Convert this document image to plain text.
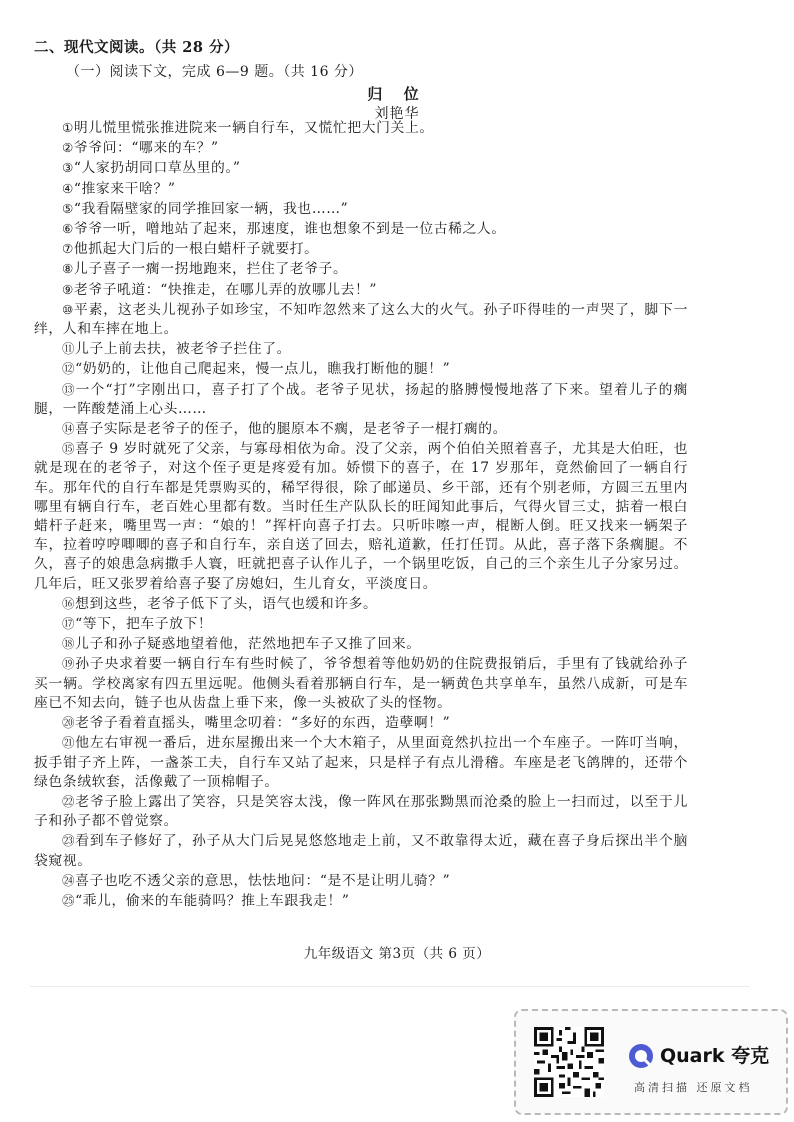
二、现代文阅读。（共 28 分）
（一）阅读下文，完成 6—9 题。（共 16 分）
归 位
刘艳华

①明儿慌里慌张推进院来一辆自行车，又慌忙把大门关上。

②爷爷问：“哪来的车？”

③“人家扔胡同口草丛里的。”

④“推家来干啥？”

⑤“我看隔壁家的同学推回家一辆，我也……”

⑥爷爷一听，噌地站了起来，那速度，谁也想象不到是一位古稀之人。

⑦他抓起大门后的一根白蜡杆子就要打。

⑧儿子喜子一瘸一拐地跑来，拦住了老爷子。

⑨老爷子吼道：“快推走，在哪儿弄的放哪儿去！”

⑩平素，这老头儿视孙子如珍宝，不知咋忽然来了这么大的火气。孙子吓得哇的一声哭了，脚下一绊，人和车摔在地上。

⑪儿子上前去扶，被老爷子拦住了。

⑫“奶奶的，让他自己爬起来，慢一点儿，瞧我打断他的腿！”

⑬一个“打”字刚出口，喜子打了个战。老爷子见状，扬起的胳膊慢慢地落了下来。望着儿子的瘸腿，一阵酸楚涌上心头……

⑭喜子实际是老爷子的侄子，他的腿原本不瘸，是老爷子一棍打瘸的。

⑮喜子 9 岁时就死了父亲，与寡母相依为命。没了父亲，两个伯伯关照着喜子，尤其是大伯旺，也就是现在的老爷子，对这个侄子更是疼爱有加。娇惯下的喜子，在 17 岁那年，竟然偷回了一辆自行车。那年代的自行车都是凭票购买的，稀罕得很，除了邮递员、乡干部，还有个别老师，方圆三五里内哪里有辆自行车，老百姓心里都有数。当时任生产队队长的旺闻知此事后，气得火冒三丈，掂着一根白蜡杆子赶来，嘴里骂一声：“娘的！”挥杆向喜子打去。只听咔嚓一声，棍断人倒。旺又找来一辆架子车，拉着哼哼唧唧的喜子和自行车，亲自送了回去，赔礼道歉，任打任罚。从此，喜子落下条瘸腿。不久，喜子的娘患急病撒手人寰，旺就把喜子认作儿子，一个锅里吃饭，自己的三个亲生儿子分家另过。几年后，旺又张罗着给喜子娶了房媳妇，生儿育女，平淡度日。

⑯想到这些，老爷子低下了头，语气也缓和许多。

⑰“等下，把车子放下！

⑱儿子和孙子疑惑地望着他，茫然地把车子又推了回来。

⑲孙子央求着要一辆自行车有些时候了，爷爷想着等他奶奶的住院费报销后，手里有了钱就给孙子买一辆。学校离家有四五里远呢。他侧头看着那辆自行车，是一辆黄色共享单车，虽然八成新，可是车座已不知去向，链子也从齿盘上垂下来，像一头被砍了头的怪物。

⑳老爷子看着直摇头，嘴里念叨着：“多好的东西，造孽啊！”

㉑他左右审视一番后，进东屋搬出来一个大木箱子，从里面竟然扒拉出一个车座子。一阵叮当响，扳手钳子齐上阵，一盏茶工夫，自行车又站了起来，只是样子有点儿滑稽。车座是老飞鸽牌的，还带个绿色条绒软套，活像戴了一顶棉帽子。

㉒老爷子脸上露出了笑容，只是笑容太浅，像一阵风在那张黝黑而沧桑的脸上一扫而过，以至于儿子和孙子都不曾觉察。

㉓看到车子修好了，孙子从大门后晃晃悠悠地走上前，又不敢靠得太近，藏在喜子身后探出半个脑袋窥视。

㉔喜子也吃不透父亲的意思，怯怯地问：“是不是让明儿骑？”

㉕“乖儿，偷来的车能骑吗？推上车跟我走！”

九年级语文 第3页（共 6 页）
Quark 夸克
高清扫描 还原文档
